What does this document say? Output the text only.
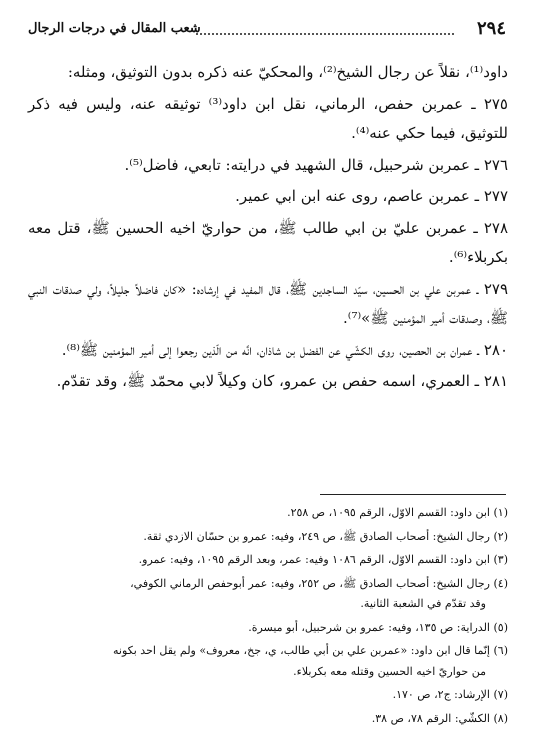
٢٩٤
شعب المقال في درجات الرجال

داود⁽¹⁾، نقلاً عن رجال الشيخ⁽²⁾، والمحكيّ عنه ذكره بدون التوثيق، ومثله:

٢٧٥ ـ عمربن حفص، الرماني، نقل ابن داود⁽³⁾ توثيقه عنه، وليس فيه ذكر للتوثيق، فيما حكي عنه⁽⁴⁾.

٢٧٦ ـ عمربن شرحبيل، قال الشهيد في درايته: تابعي، فاضل⁽⁵⁾.

٢٧٧ ـ عمربن عاصم، روى عنه ابن ابي عمير.

٢٧٨ ـ عمربن عليّ بن ابي طالب ﷺ، من حواريّ اخيه الحسين ﷺ، قتل معه بكربلاء⁽⁶⁾.

٢٧٩ ـ عمربن علي بن الحسين، سيّد الساجدين ﷺ، قال المفيد في إرشاده: «كان فاضلاً جليلاً، ولي صدقات النبي ﷺ، وصدقات أمير المؤمنين ﷺ»⁽⁷⁾.

٢٨٠ ـ عمران بن الحصين، روى الكشّي عن الفضل بن شاذان، انَّه من الّذين رجعوا إلى أمير المؤمنين ﷺ⁽⁸⁾.

٢٨١ ـ العمري، اسمه حفص بن عمرو، كان وكيلاً لابي محمّد ﷺ، وقد تقدّم.

(١) ابن داود: القسم الاوّل، الرقم ١٠٩٥، ص ٢٥٨.

(٢) رجال الشيخ: أصحاب الصادق ﷺ، ص ٢٤٩، وفيه: عمرو بن حسّان الازدي ثقة.

(٣) ابن داود: القسم الاوّل، الرقم ١٠٨٦ وفيه: عمر، وبعد الرقم ١٠٩٥، وفيه: عمرو.

(٤) رجال الشيخ: أصحاب الصادق ﷺ، ص ٢٥٢، وفيه: عمر أبوحفص الرماني الكوفي،
وقد تقدّم في الشعبة الثانية.

(٥) الدراية: ص ١٣٥، وفيه: عمرو بن شرحبيل، أبو ميسرة.

(٦) إنّما قال ابن داود: «عمربن علي بن أبي طالب، ي، جخ، معروف» ولم يقل احد بكونه
من حواريّ اخيه الحسين وقتله معه بكربلاء.

(٧) الإرشاد: ج٢، ص ١٧٠.

(٨) الكشّي: الرقم ٧٨، ص ٣٨.
